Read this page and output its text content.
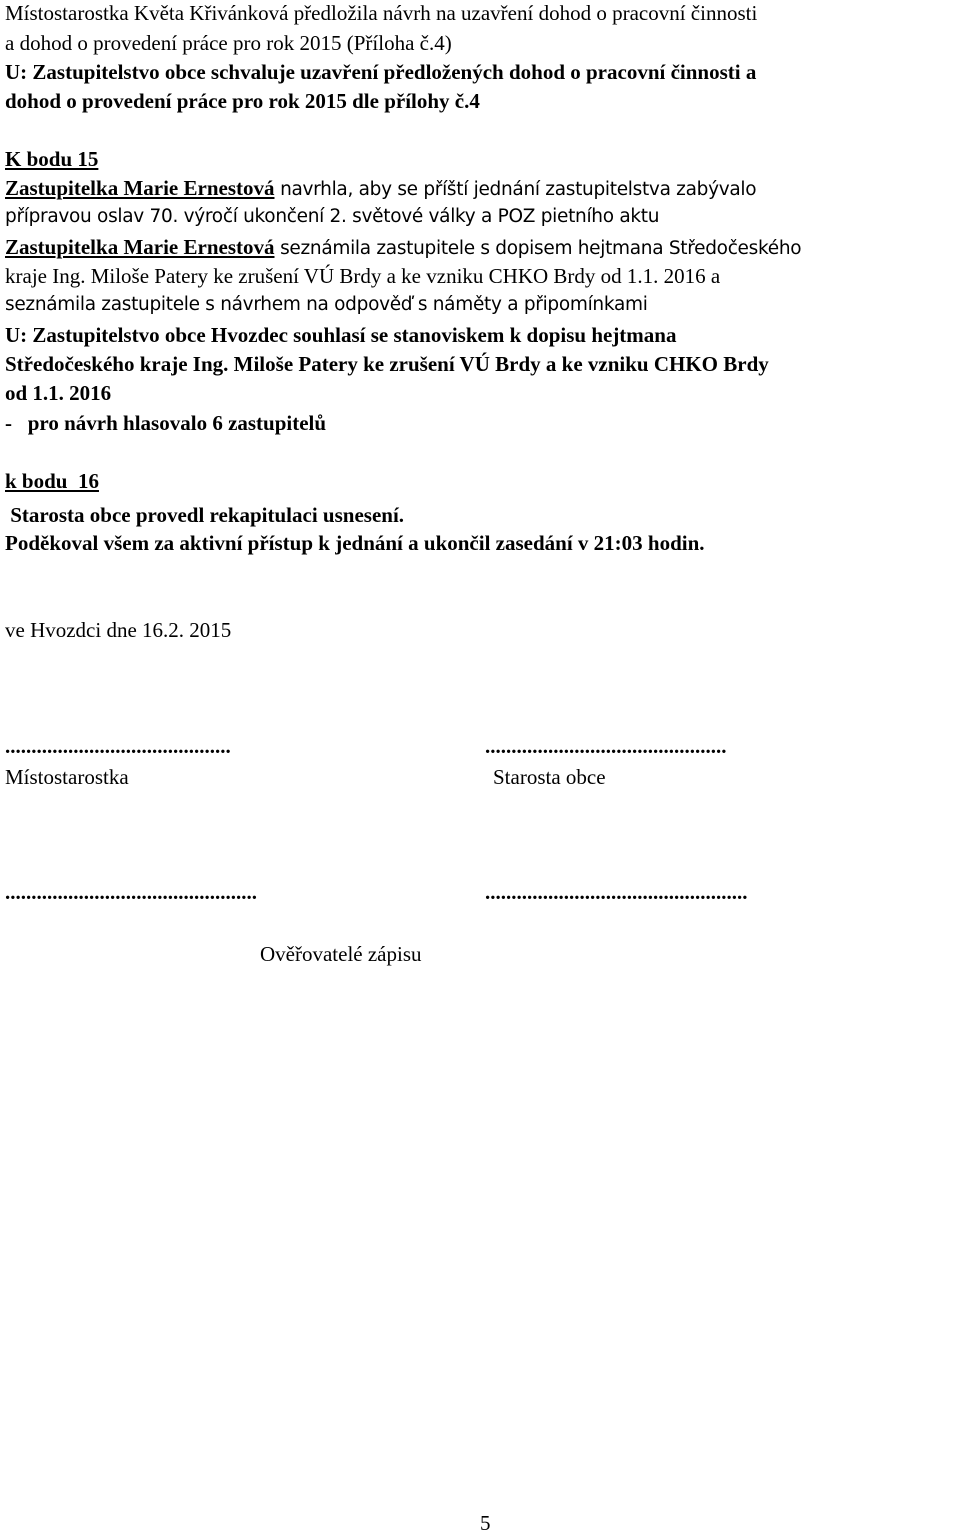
Místostarostka Květa Křivánková předložila návrh na uzavření dohod o pracovní činnosti

a dohod o provedení práce pro rok 2015 (Příloha č.4)

U: Zastupitelstvo obce schvaluje uzavření předložených dohod o pracovní činnosti a

dohod o provedení práce pro rok 2015 dle přílohy č.4

K bodu 15

Zastupitelka Marie Ernestová navrhla, aby se příští jednání zastupitelstva zabývalo

přípravou oslav 70. výročí ukončení 2. světové války a POZ pietního aktu

Zastupitelka Marie Ernestová seznámila zastupitele s dopisem hejtmana Středočeského

kraje Ing. Miloše Patery ke zrušení VÚ Brdy a ke vzniku CHKO Brdy od 1.1. 2016 a

seznámila zastupitele s návrhem na odpověď s náměty a připomínkami

U: Zastupitelstvo obce Hvozdec souhlasí se stanoviskem k dopisu hejtmana

Středočeského kraje Ing. Miloše Patery ke zrušení VÚ Brdy a ke vzniku CHKO Brdy

od 1.1. 2016

-   pro návrh hlasovalo 6 zastupitelů

k bodu  16

Starosta obce provedl rekapitulaci usnesení.

Poděkoval všem za aktivní přístup k jednání a ukončil zasedání v 21:03 hodin.

ve Hvozdci dne 16.2. 2015

...........................................	..............................................

Místostarostka	Starosta obce

................................................	..................................................

Ověřovatelé zápisu

5
